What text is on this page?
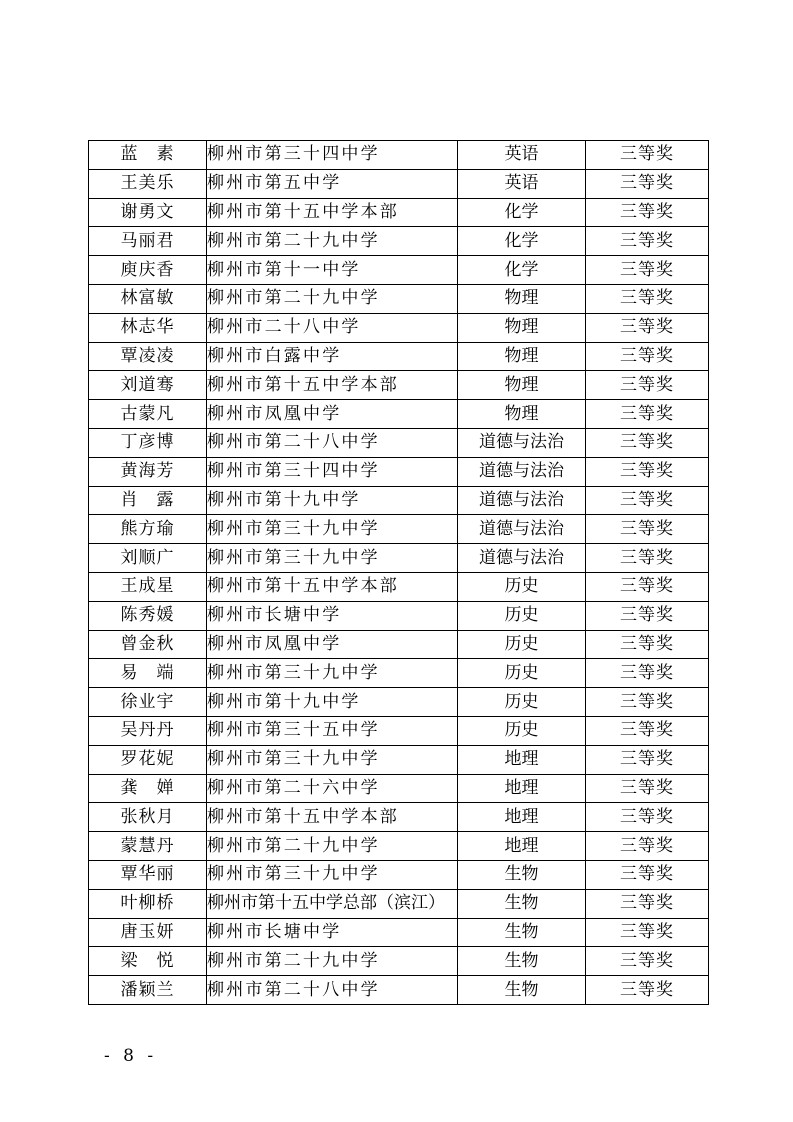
蓝　素	柳州市第三十四中学	英语	三等奖
王美乐	柳州市第五中学	英语	三等奖
谢勇文	柳州市第十五中学本部	化学	三等奖
马丽君	柳州市第二十九中学	化学	三等奖
庾庆香	柳州市第十一中学	化学	三等奖
林富敏	柳州市第二十九中学	物理	三等奖
林志华	柳州市二十八中学	物理	三等奖
覃凌凌	柳州市白露中学	物理	三等奖
刘道骞	柳州市第十五中学本部	物理	三等奖
古蒙凡	柳州市凤凰中学	物理	三等奖
丁彦博	柳州市第二十八中学	道德与法治	三等奖
黄海芳	柳州市第三十四中学	道德与法治	三等奖
肖　露	柳州市第十九中学	道德与法治	三等奖
熊方瑜	柳州市第三十九中学	道德与法治	三等奖
刘顺广	柳州市第三十九中学	道德与法治	三等奖
王成星	柳州市第十五中学本部	历史	三等奖
陈秀媛	柳州市长塘中学	历史	三等奖
曾金秋	柳州市凤凰中学	历史	三等奖
易　端	柳州市第三十九中学	历史	三等奖
徐业宇	柳州市第十九中学	历史	三等奖
吴丹丹	柳州市第三十五中学	历史	三等奖
罗花妮	柳州市第三十九中学	地理	三等奖
龚　婵	柳州市第二十六中学	地理	三等奖
张秋月	柳州市第十五中学本部	地理	三等奖
蒙慧丹	柳州市第二十九中学	地理	三等奖
覃华丽	柳州市第三十九中学	生物	三等奖
叶柳桥	柳州市第十五中学总部（滨江）	生物	三等奖
唐玉妍	柳州市长塘中学	生物	三等奖
梁　悦	柳州市第二十九中学	生物	三等奖
潘颖兰	柳州市第二十八中学	生物	三等奖
- 8 -
